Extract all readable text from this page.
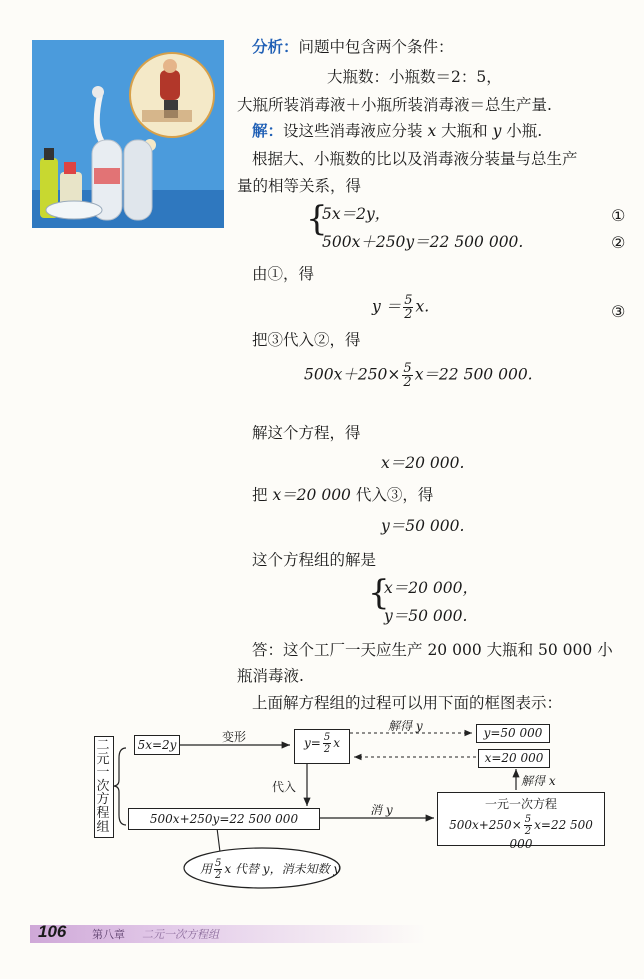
分析：问题中包含两个条件：
大瓶数：小瓶数＝2：5，
大瓶所装消毒液＋小瓶所装消毒液＝总生产量.
解：设这些消毒液应分装 x 大瓶和 y 小瓶.
根据大、小瓶数的比以及消毒液分装量与总生产
量的相等关系，得
{
5x＝2y，
500x＋250y＝22 500 000.
①
②
由①，得
$y = \frac{5}{2} x$.	③
把③代入②，得
$500x+250\times \frac{5}{2} x=22$ 500 000.
解这个方程，得
x＝20 000.
把 x＝20 000 代入③，得
y＝50 000.
这个方程组的解是
{
x＝20 000，
y＝50 000.
答：这个工厂一天应生产 20 000 大瓶和 50 000 小
瓶消毒液.
上面解方程组的过程可以用下面的框图表示：
二元一次方程组
5x=2y	$y= \frac{5}{2}$ x
y=50 000
x=20 000
500x+250y=22 500 000
一元一次方程
$500x+250\times \frac{5}{2} x=22$ 500 000
变形
解得 y
代入
消 y
解得 x
用 $\frac{5}{2}$ x 代替 y，消未知数 y
106 第八章 二元一次方程组
